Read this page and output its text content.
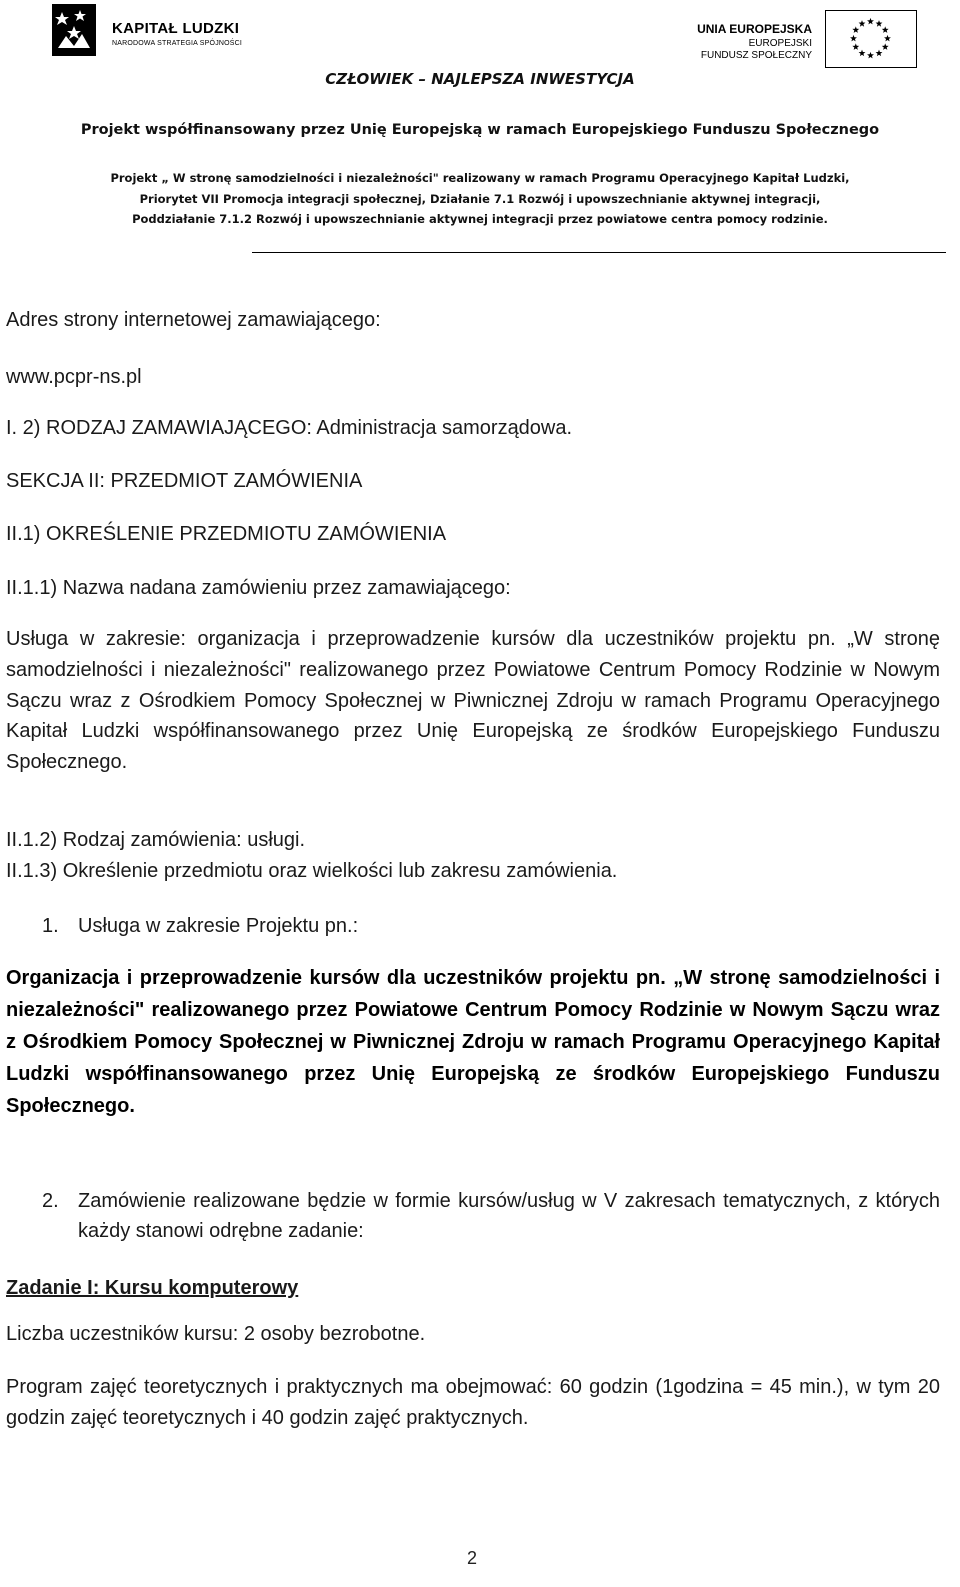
KAPITAŁ LUDZKI
NARODOWA STRATEGIA SPÓJNOŚCI
UNIA EUROPEJSKA
EUROPEJSKI
FUNDUSZ SPOŁECZNY
CZŁOWIEK – NAJLEPSZA INWESTYCJA
Projekt współfinansowany przez Unię Europejską w ramach Europejskiego Funduszu Społecznego
Projekt „ W stronę samodzielności i niezależności" realizowany w ramach Programu Operacyjnego Kapitał Ludzki,
Priorytet VII Promocja integracji społecznej, Działanie 7.1 Rozwój i upowszechnianie aktywnej integracji,
Poddziałanie 7.1.2 Rozwój i upowszechnianie aktywnej integracji przez powiatowe centra pomocy rodzinie.
Adres strony internetowej zamawiającego:
www.pcpr-ns.pl
I. 2) RODZAJ ZAMAWIAJĄCEGO: Administracja samorządowa.
SEKCJA II: PRZEDMIOT ZAMÓWIENIA
II.1) OKREŚLENIE PRZEDMIOTU ZAMÓWIENIA
II.1.1) Nazwa nadana zamówieniu przez zamawiającego:
Usługa w zakresie: organizacja i przeprowadzenie kursów dla uczestników projektu pn. „W stronę samodzielności i niezależności" realizowanego przez Powiatowe Centrum Pomocy Rodzinie w Nowym Sączu wraz z Ośrodkiem Pomocy Społecznej w Piwnicznej Zdroju w ramach Programu Operacyjnego Kapitał Ludzki współfinansowanego przez Unię Europejską ze środków Europejskiego Funduszu Społecznego.
II.1.2) Rodzaj zamówienia: usługi.
II.1.3) Określenie przedmiotu oraz wielkości lub zakresu zamówienia.
1. Usługa w zakresie Projektu pn.:
Organizacja i przeprowadzenie kursów dla uczestników projektu pn. „W stronę samodzielności i niezależności" realizowanego przez Powiatowe Centrum Pomocy Rodzinie w Nowym Sączu wraz z Ośrodkiem Pomocy Społecznej w Piwnicznej Zdroju w ramach Programu Operacyjnego Kapitał Ludzki współfinansowanego przez Unię Europejską ze środków Europejskiego Funduszu Społecznego.
2. Zamówienie realizowane będzie w formie kursów/usług w V zakresach tematycznych, z których każdy stanowi odrębne zadanie:
Zadanie I: Kursu komputerowy
Liczba uczestników kursu: 2 osoby bezrobotne.
Program zajęć teoretycznych i praktycznych ma obejmować: 60 godzin (1godzina = 45 min.), w tym 20 godzin zajęć teoretycznych i 40 godzin zajęć praktycznych.
2
